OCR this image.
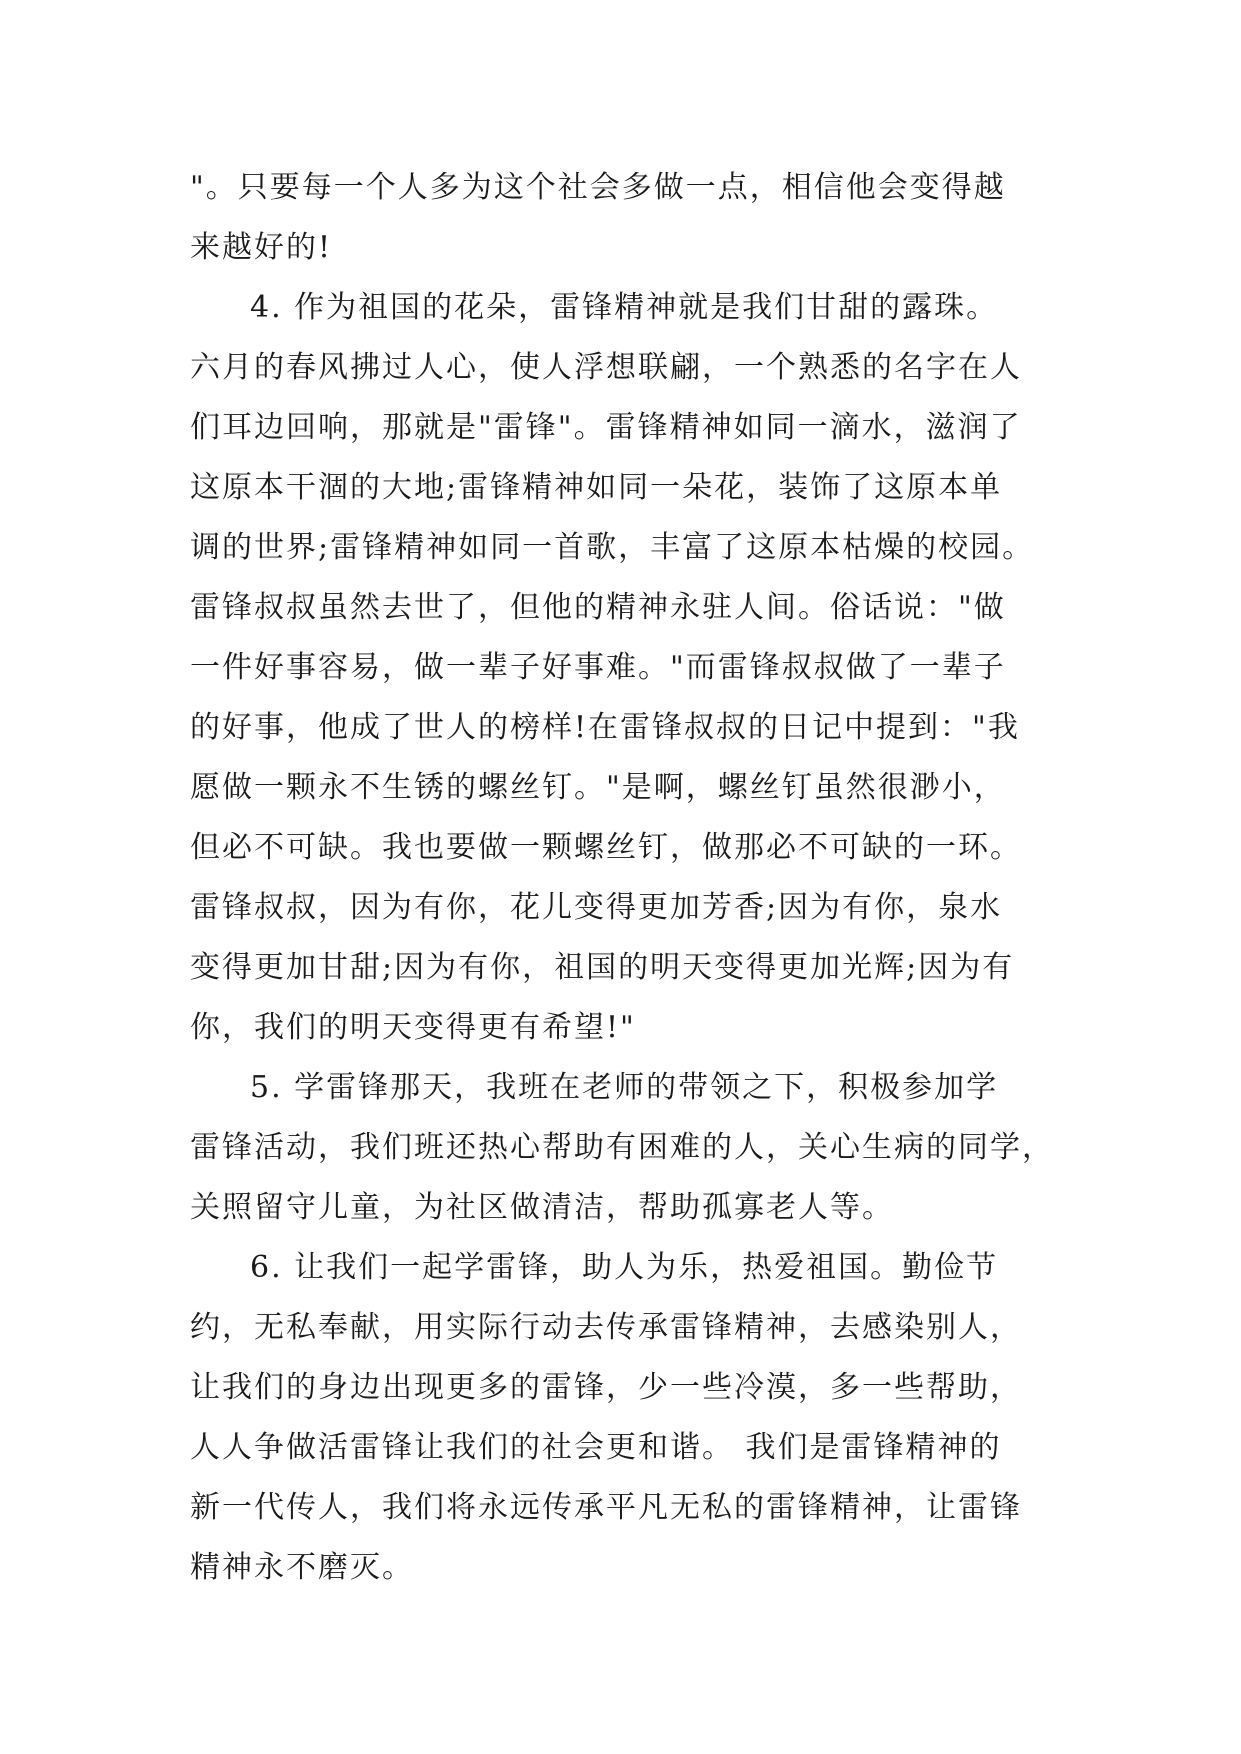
"。只要每一个人多为这个社会多做一点，相信他会变得越
来越好的!
4. 作为祖国的花朵，雷锋精神就是我们甘甜的露珠。
六月的春风拂过人心，使人浮想联翩，一个熟悉的名字在人
们耳边回响，那就是"雷锋"。雷锋精神如同一滴水，滋润了
这原本干涸的大地;雷锋精神如同一朵花，装饰了这原本单
调的世界;雷锋精神如同一首歌，丰富了这原本枯燥的校园。
雷锋叔叔虽然去世了，但他的精神永驻人间。俗话说："做
一件好事容易，做一辈子好事难。"而雷锋叔叔做了一辈子
的好事，他成了世人的榜样!在雷锋叔叔的日记中提到："我
愿做一颗永不生锈的螺丝钉。"是啊，螺丝钉虽然很渺小，
但必不可缺。我也要做一颗螺丝钉，做那必不可缺的一环。
雷锋叔叔，因为有你，花儿变得更加芳香;因为有你，泉水
变得更加甘甜;因为有你，祖国的明天变得更加光辉;因为有
你，我们的明天变得更有希望!"
5. 学雷锋那天，我班在老师的带领之下，积极参加学
雷锋活动，我们班还热心帮助有困难的人，关心生病的同学，
关照留守儿童，为社区做清洁，帮助孤寡老人等。
6. 让我们一起学雷锋，助人为乐，热爱祖国。勤俭节
约，无私奉献，用实际行动去传承雷锋精神，去感染别人，
让我们的身边出现更多的雷锋，少一些冷漠，多一些帮助，
人人争做活雷锋让我们的社会更和谐。 我们是雷锋精神的
新一代传人，我们将永远传承平凡无私的雷锋精神，让雷锋
精神永不磨灭。
